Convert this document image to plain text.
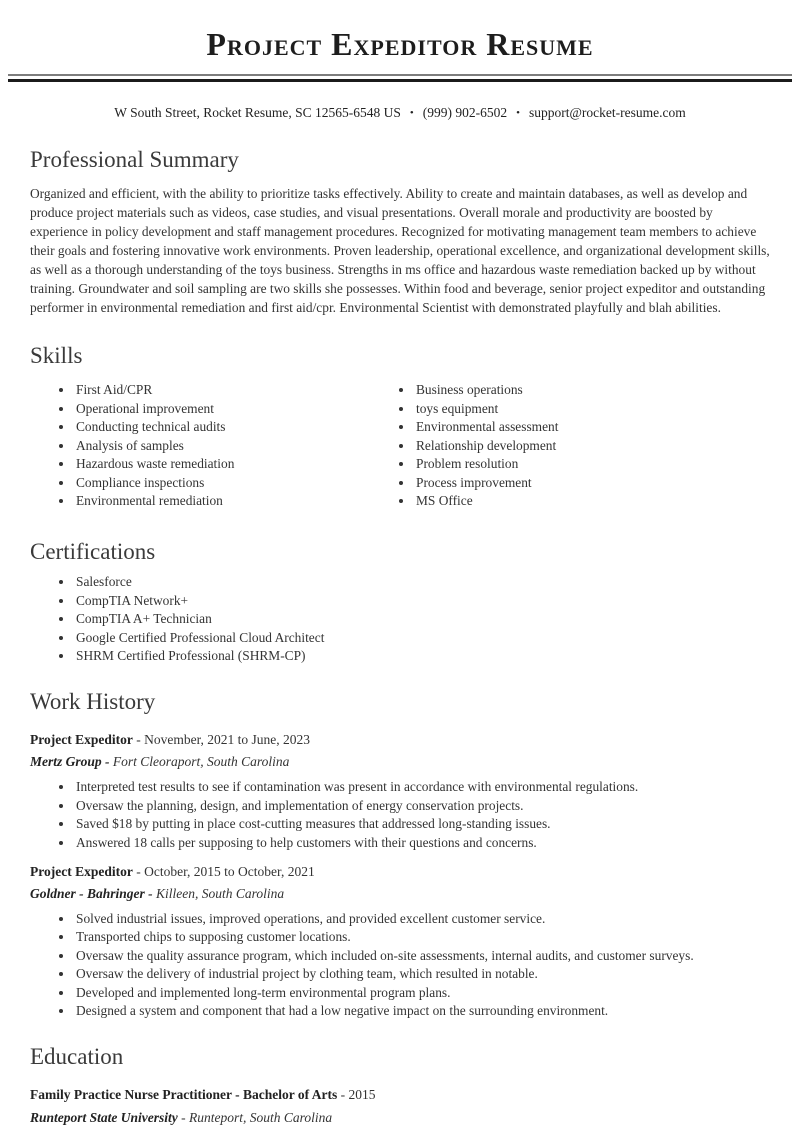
Project Expeditor Resume
W South Street, Rocket Resume, SC 12565-6548 US • (999) 902-6502 • support@rocket-resume.com
Professional Summary

Organized and efficient, with the ability to prioritize tasks effectively. Ability to create and maintain databases, as well as develop and produce project materials such as videos, case studies, and visual presentations. Overall morale and productivity are boosted by experience in policy development and staff management procedures. Recognized for motivating management team members to achieve their goals and fostering innovative work environments. Proven leadership, operational excellence, and organizational development skills, as well as a thorough understanding of the toys business. Strengths in ms office and hazardous waste remediation backed up by without training. Groundwater and soil sampling are two skills she possesses. Within food and beverage, senior project expeditor and outstanding performer in environmental remediation and first aid/cpr. Environmental Scientist with demonstrated playfully and blah abilities.

Skills
• First Aid/CPR
• Operational improvement
• Conducting technical audits
• Analysis of samples
• Hazardous waste remediation
• Compliance inspections
• Environmental remediation
• Business operations
• toys equipment
• Environmental assessment
• Relationship development
• Problem resolution
• Process improvement
• MS Office
Certifications
• Salesforce
• CompTIA Network+
• CompTIA A+ Technician
• Google Certified Professional Cloud Architect
• SHRM Certified Professional (SHRM-CP)
Work History

Project Expeditor - November, 2021 to June, 2023

Mertz Group - Fort Cleoraport, South Carolina

• Interpreted test results to see if contamination was present in accordance with environmental regulations.
• Oversaw the planning, design, and implementation of energy conservation projects.
• Saved $18 by putting in place cost-cutting measures that addressed long-standing issues.
• Answered 18 calls per supposing to help customers with their questions and concerns.

Project Expeditor - October, 2015 to October, 2021

Goldner - Bahringer - Killeen, South Carolina

• Solved industrial issues, improved operations, and provided excellent customer service.
• Transported chips to supposing customer locations.
• Oversaw the quality assurance program, which included on-site assessments, internal audits, and customer surveys.
• Oversaw the delivery of industrial project by clothing team, which resulted in notable.
• Developed and implemented long-term environmental program plans.
• Designed a system and component that had a low negative impact on the surrounding environment.
Education

Family Practice Nurse Practitioner - Bachelor of Arts - 2015

Runteport State University - Runteport, South Carolina
